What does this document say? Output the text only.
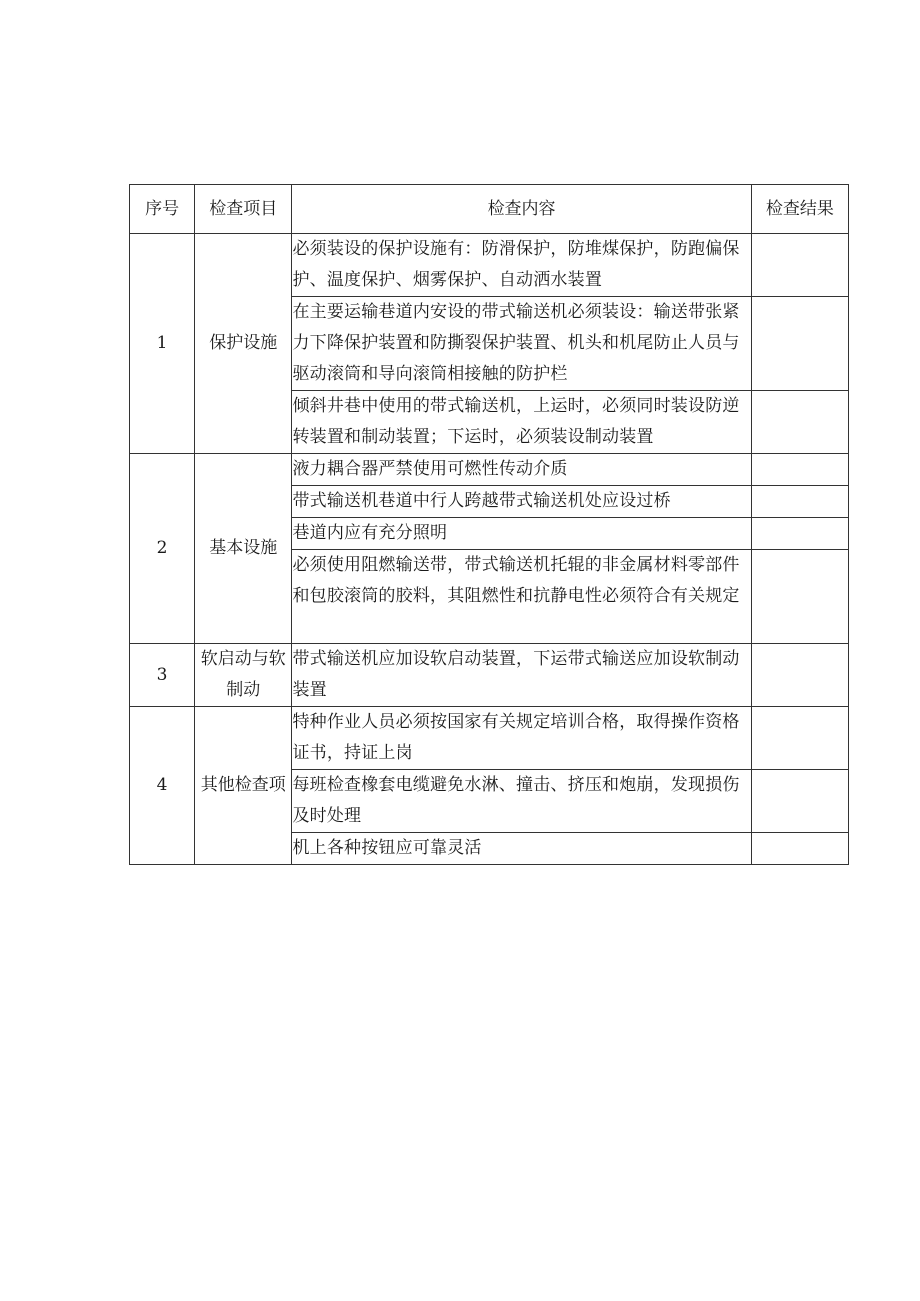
序号	检查项目	检查内容	检查结果
1	保护设施	必须装设的保护设施有：防滑保护，防堆煤保护，防跑偏保护、温度保护、烟雾保护、自动洒水装置	
		在主要运输巷道内安设的带式输送机必须装设：输送带张紧力下降保护装置和防撕裂保护装置、机头和机尾防止人员与驱动滚筒和导向滚筒相接触的防护栏	
		倾斜井巷中使用的带式输送机，上运时，必须同时装设防逆转装置和制动装置；下运时，必须装设制动装置	
2	基本设施	液力耦合器严禁使用可燃性传动介质	
		带式输送机巷道中行人跨越带式输送机处应设过桥	
		巷道内应有充分照明	
		必须使用阻燃输送带，带式输送机托辊的非金属材料零部件和包胶滚筒的胶料，其阻燃性和抗静电性必须符合有关规定	
3	软启动与软制动	带式输送机应加设软启动装置，下运带式输送应加设软制动装置	
4	其他检查项	特种作业人员必须按国家有关规定培训合格，取得操作资格证书，持证上岗	
		每班检查橡套电缆避免水淋、撞击、挤压和炮崩，发现损伤及时处理	
		机上各种按钮应可靠灵活	
